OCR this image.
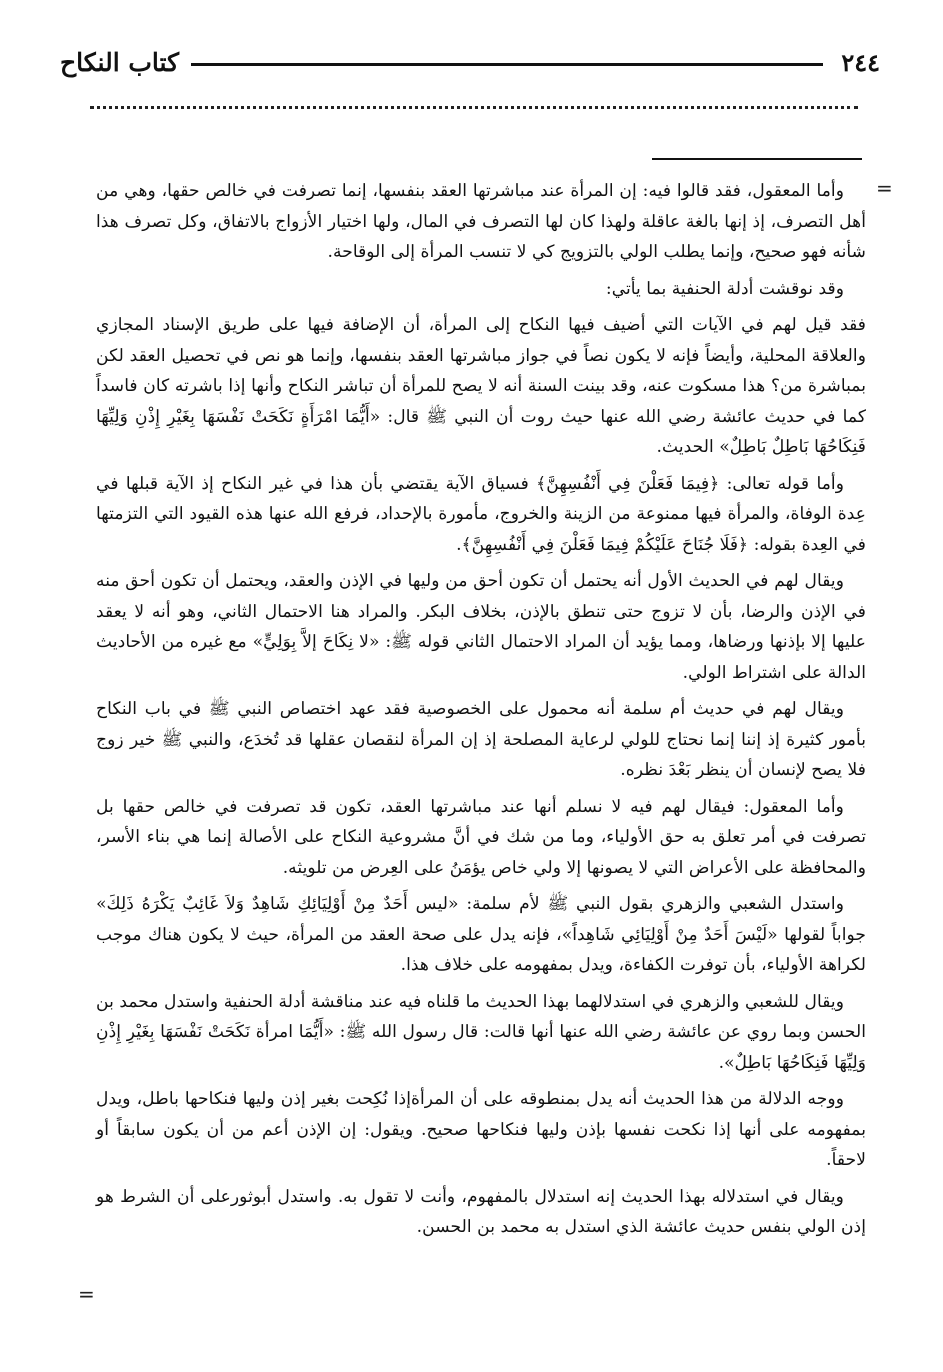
٢٤٤
كتاب النكاح
=
=

وأما المعقول، فقد قالوا فيه: إن المرأة عند مباشرتها العقد بنفسها، إنما تصرفت في خالص حقها، وهي من أهل التصرف، إذ إنها بالغة عاقلة ولهذا كان لها التصرف في المال، ولها اختيار الأزواج بالاتفاق، وكل تصرف هذا شأنه فهو صحيح، وإنما يطلب الولي بالتزويج كي لا تنسب المرأة إلى الوقاحة.

وقد نوقشت أدلة الحنفية بما يأتي:

فقد قيل لهم في الآيات التي أضيف فيها النكاح إلى المرأة، أن الإضافة فيها على طريق الإسناد المجازي والعلاقة المحلية، وأيضاً فإنه لا يكون نصاً في جواز مباشرتها العقد بنفسها، وإنما هو نص في تحصيل العقد لكن بمباشرة من؟ هذا مسكوت عنه، وقد بينت السنة أنه لا يصح للمرأة أن تباشر النكاح وأنها إذا باشرته كان فاسداً كما في حديث عائشة رضي الله عنها حيث روت أن النبي ﷺ قال: «أَيُّمَا امْرَأَةٍ نَكَحَتْ نَفْسَهَا بِغَيْرِ إِذْنِ وَلِيِّهَا فَنِكَاحُهَا بَاطِلٌ بَاطِلٌ» الحديث.

وأما قوله تعالى: ﴿فِيمَا فَعَلْنَ فِي أَنْفُسِهِنَّ﴾ فسياق الآية يقتضي بأن هذا في غير النكاح إذ الآية قبلها في عِدة الوفاة، والمرأة فيها ممنوعة من الزينة والخروج، مأمورة بالإحداد، فرفع الله عنها هذه القيود التي التزمتها في العِدة بقوله: ﴿فَلَا جُنَاحَ عَلَيْكُمْ فِيمَا فَعَلْنَ فِي أَنْفُسِهِنَّ﴾.

ويقال لهم في الحديث الأول أنه يحتمل أن تكون أحق من وليها في الإذن والعقد، ويحتمل أن تكون أحق منه في الإذن والرضا، بأن لا تزوج حتى تنطق بالإذن، بخلاف البكر. والمراد هنا الاحتمال الثاني، وهو أنه لا يعقد عليها إلا بإذنها ورضاها، ومما يؤيد أن المراد الاحتمال الثاني قوله ﷺ: «لا نِكَاحَ إلاَّ بِوَلِيٍّ» مع غيره من الأحاديث الدالة على اشتراط الولي.

ويقال لهم في حديث أم سلمة أنه محمول على الخصوصية فقد عهد اختصاص النبي ﷺ في باب النكاح بأمور كثيرة إذ إننا إنما نحتاج للولي لرعاية المصلحة إذ إن المرأة لنقصان عقلها قد تُخدَع، والنبي ﷺ خير زوج فلا يصح لإنسان أن ينظر بَعْدَ نظره.

وأما المعقول: فيقال لهم فيه لا نسلم أنها عند مباشرتها العقد، تكون قد تصرفت في خالص حقها بل تصرفت في أمر تعلق به حق الأولياء، وما من شك في أنَّ مشروعية النكاح على الأصالة إنما هي بناء الأسر، والمحافظة على الأعراض التي لا يصونها إلا ولي خاص يؤمَنُ على العِرض من تلويثه.

واستدل الشعبي والزهري بقول النبي ﷺ لأم سلمة: «ليس أَحَدٌ مِنْ أَوْلِيَائِكِ شَاهِدٌ وَلاَ غَائِبٌ يَكْرَهُ ذَلِكَ» جواباً لقولها «لَيْسَ أَحَدٌ مِنْ أَوْلِيَائِي شَاهِداً»، فإنه يدل على صحة العقد من المرأة، حيث لا يكون هناك موجب لكراهة الأولياء، بأن توفرت الكفاءة، ويدل بمفهومه على خلاف هذا.

ويقال للشعبي والزهري في استدلالهما بهذا الحديث ما قلناه فيه عند مناقشة أدلة الحنفية واستدل محمد بن الحسن وبما روي عن عائشة رضي الله عنها أنها قالت: قال رسول الله ﷺ: «أَيُّمَا امرأة نَكَحَتْ نَفْسَهَا بِغَيْرِ إِذْنِ وَلِيِّهَا فَنِكَاحُهَا بَاطِلٌ».

ووجه الدلالة من هذا الحديث أنه يدل بمنطوقه على أن المرأةإذا نُكِحت بغير إذن وليها فنكاحها باطل، ويدل بمفهومه على أنها إذا نكحت نفسها بإذن وليها فنكاحها صحيح. ويقول: إن الإذن أعم من أن يكون سابقاً أو لاحقاً.

ويقال في استدلاله بهذا الحديث إنه استدلال بالمفهوم، وأنت لا تقول به. واستدل أبوثورعلى أن الشرط هو إذن الولي بنفس حديث عائشة الذي استدل به محمد بن الحسن.
